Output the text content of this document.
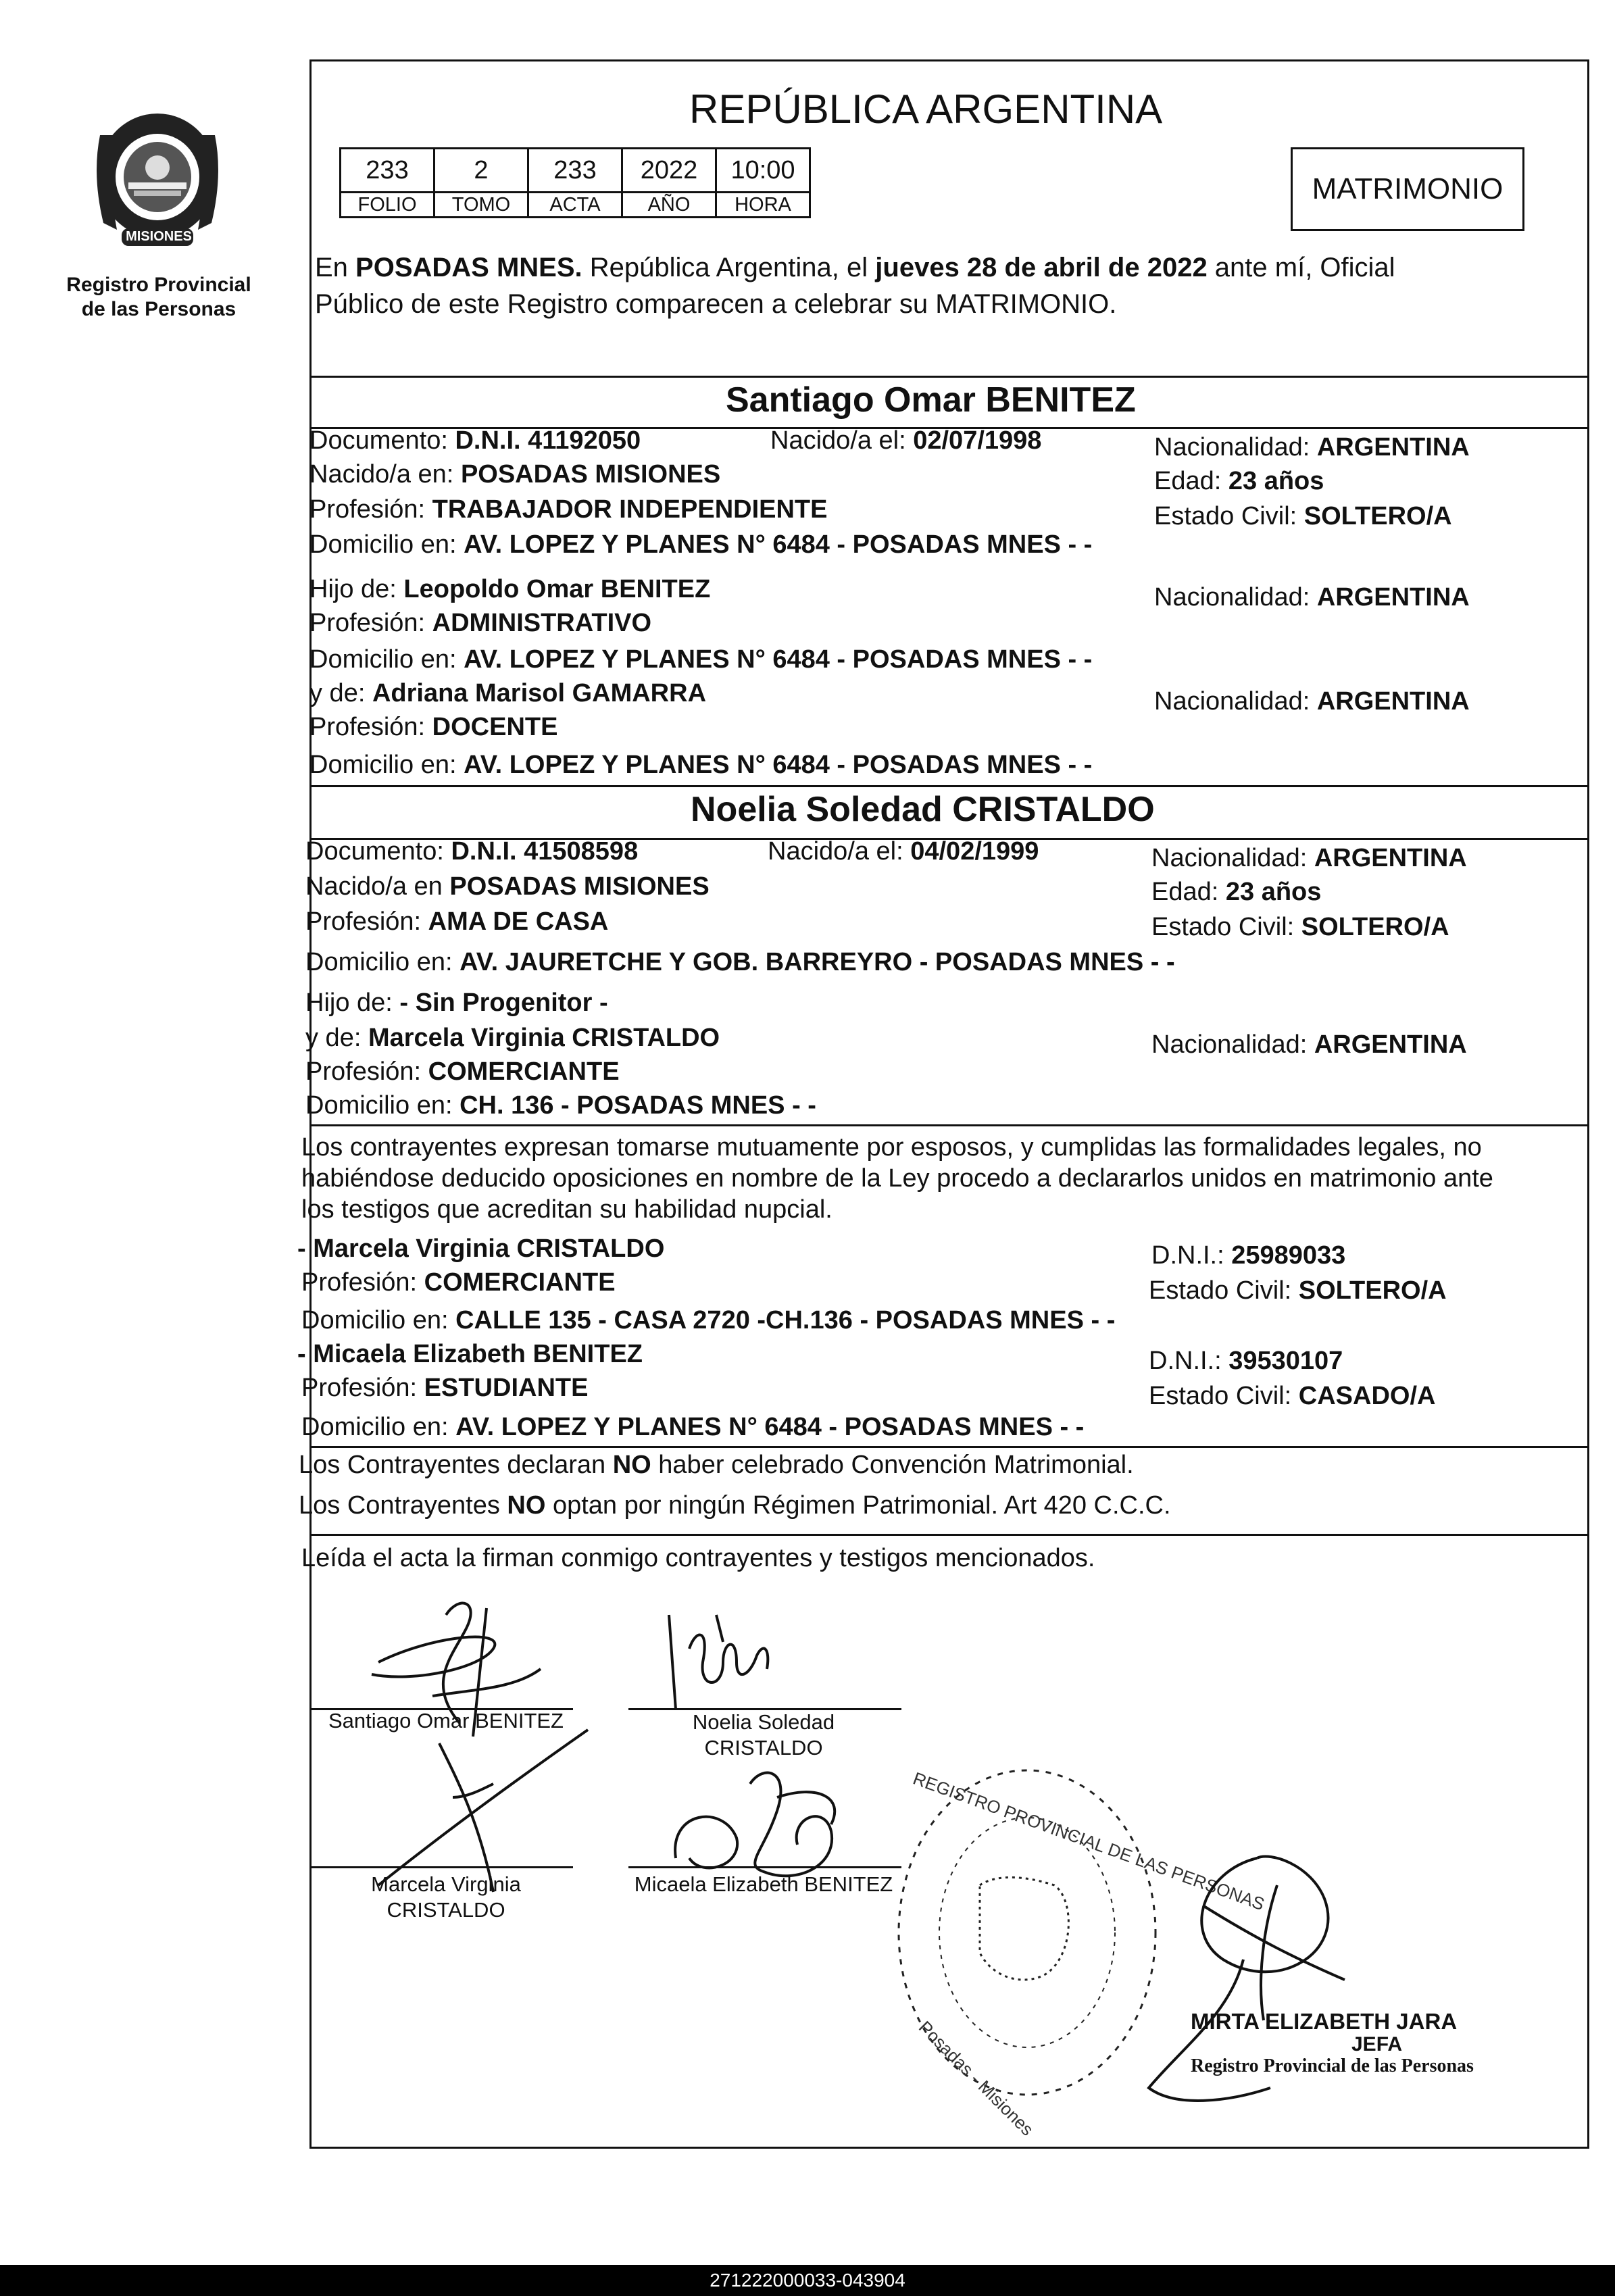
PROVINCIA DE
MISIONES
Registro Provincial de las Personas
REPÚBLICA ARGENTINA
233	2	233	2022	10:00
FOLIO	TOMO	ACTA	AÑO	HORA	MATRIMONIO
En POSADAS MNES. República Argentina, el jueves 28 de abril de 2022 ante mí, Oficial
Público de este Registro comparecen a celebrar su MATRIMONIO.
Santiago Omar BENITEZ
Documento: D.N.I. 41192050	Nacido/a el: 02/07/1998	Nacionalidad: ARGENTINA
Nacido/a en: POSADAS MISIONES	Edad: 23 años
Profesión: TRABAJADOR INDEPENDIENTE	Estado Civil: SOLTERO/A
Domicilio en: AV. LOPEZ Y PLANES N° 6484 - POSADAS MNES - -
Hijo de: Leopoldo Omar BENITEZ	Nacionalidad: ARGENTINA
Profesión: ADMINISTRATIVO
Domicilio en: AV. LOPEZ Y PLANES N° 6484 - POSADAS MNES - -
y de: Adriana Marisol GAMARRA	Nacionalidad: ARGENTINA
Profesión: DOCENTE
Domicilio en: AV. LOPEZ Y PLANES N° 6484 - POSADAS MNES - -
Noelia Soledad CRISTALDO
Documento: D.N.I. 41508598	Nacido/a el: 04/02/1999	Nacionalidad: ARGENTINA
Nacido/a en POSADAS MISIONES	Edad: 23 años
Profesión: AMA DE CASA	Estado Civil: SOLTERO/A
Domicilio en: AV. JAURETCHE Y GOB. BARREYRO - POSADAS MNES - -
Hijo de: - Sin Progenitor -
y de: Marcela Virginia CRISTALDO	Nacionalidad: ARGENTINA
Profesión: COMERCIANTE
Domicilio en: CH. 136 - POSADAS MNES - -
Los contrayentes expresan tomarse mutuamente por esposos, y cumplidas las formalidades legales, no
habiéndose deducido oposiciones en nombre de la Ley procedo a declararlos unidos en matrimonio ante
los testigos que acreditan su habilidad nupcial.
- Marcela Virginia CRISTALDO	D.N.I.: 25989033
Profesión: COMERCIANTE	Estado Civil: SOLTERO/A
Domicilio en: CALLE 135 - CASA 2720 -CH.136 - POSADAS MNES - -
- Micaela Elizabeth BENITEZ	D.N.I.: 39530107
Profesión: ESTUDIANTE	Estado Civil: CASADO/A
Domicilio en: AV. LOPEZ Y PLANES N° 6484 - POSADAS MNES - -
Los Contrayentes declaran NO haber celebrado Convención Matrimonial.
Los Contrayentes NO optan por ningún Régimen Patrimonial. Art 420 C.C.C.
Leída el acta la firman conmigo contrayentes y testigos mencionados.
Santiago Omar BENITEZ	Noelia Soledad
CRISTALDO
Marcela Virginia
CRISTALDO
Micaela Elizabeth BENITEZ	REGISTRO PROVINCIAL DE LAS PERSONAS
Posadas - Misiones	MIRTA ELIZABETH JARA
JEFA
Registro Provincial de las Personas
271222000033-043904
